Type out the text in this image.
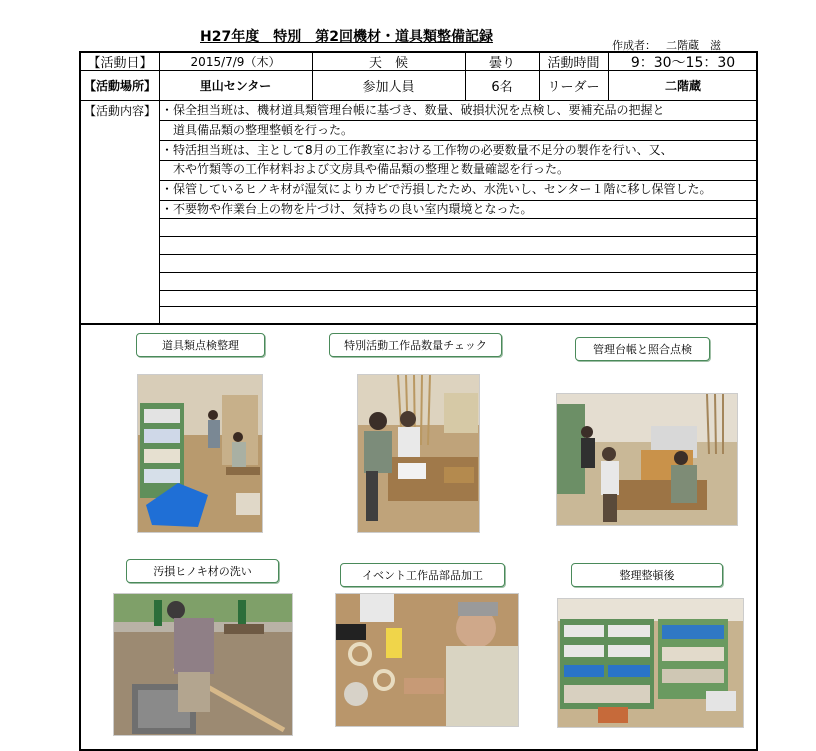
H27年度　特別　第2回機材・道具類整備記録
作成者： 二階蔵　滋
【活動日】	2015/7/9（木）	天　候	曇り	活動時間	9：30〜15：30
【活動場所】	里山センター	参加人員	6名	リーダー	二階蔵
【活動内容】 ・保全担当班は、機材道具類管理台帳に基づき、数量、破損状況を点検し、要補充品の把握と
　道具備品類の整理整頓を行った。
・特活担当班は、主として8月の工作教室における工作物の必要数量不足分の製作を行い、又、
　木や竹類等の工作材料および文房具や備品類の整理と数量確認を行った。
・保管しているヒノキ材が湿気によりカビで汚損したため、水洗いし、センター１階に移し保管した。
・不要物や作業台上の物を片づけ、気持ちの良い室内環境となった。
道具類点検整理	特別活動工作品数量チェック	管理台帳と照合点検
汚損ヒノキ材の洗い	イベント工作品部品加工	整理整頓後
